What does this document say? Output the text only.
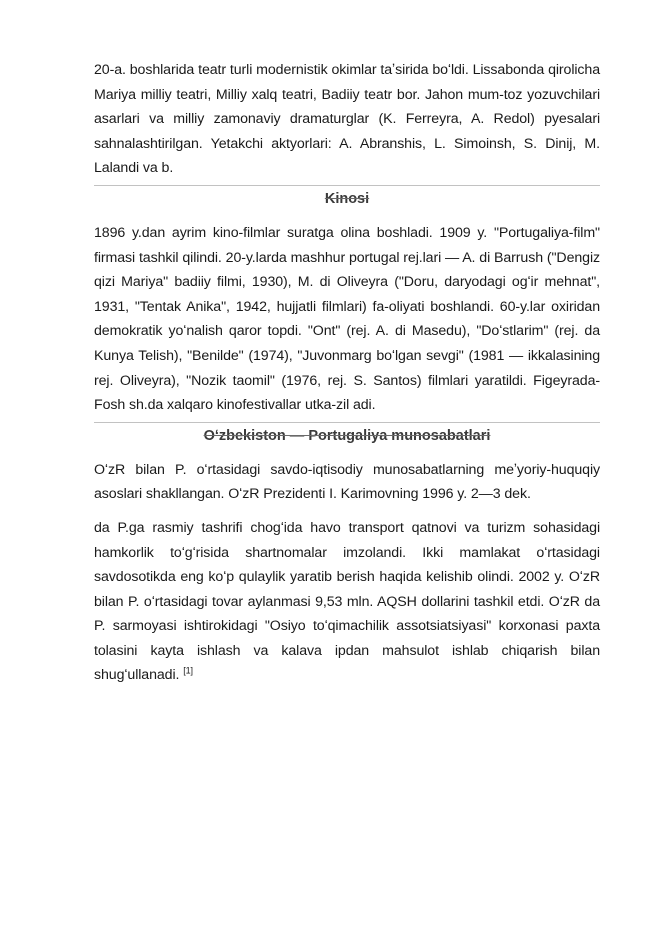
20-a. boshlarida teatr turli modernistik okimlar taʼsirida boʻldi. Lissabonda qirolicha Mariya milliy teatri, Milliy xalq teatri, Badiiy teatr bor. Jahon mum-toz yozuvchilari asarlari va milliy zamonaviy dramaturglar (K. Ferreyra, A. Redol) pyesalari sahnalashtirilgan. Yetakchi aktyorlari: A. Abranshis, L. Simoinsh, S. Dinij, M. Lalandi va b.

Kinosi

1896 y.dan ayrim kino-filmlar suratga olina boshladi. 1909 y. "Portugaliya-film" firmasi tashkil qilindi. 20-y.larda mashhur portugal rej.lari — A. di Barrush ("Dengiz qizi Mariya" badiiy filmi, 1930), M. di Oliveyra ("Doru, daryodagi ogʻir mehnat", 1931, "Tentak Anika", 1942, hujjatli filmlari) fa-oliyati boshlandi. 60-y.lar oxiridan demokratik yoʻnalish qaror topdi. "Ont" (rej. A. di Masedu), "Doʻstlarim" (rej. da Kunya Telish), "Benilde" (1974), "Juvonmarg boʻlgan sevgi" (1981 — ikkalasining rej. Oliveyra), "Nozik taomil" (1976, rej. S. Santos) filmlari yaratildi. Figeyrada-Fosh sh.da xalqaro kinofestivallar utka-zil adi.

Oʻzbekiston — Portugaliya munosabatlari

OʻzR bilan P. oʻrtasidagi savdo-iqtisodiy munosabatlarning meʼyoriy-huquqiy asoslari shakllangan. OʻzR Prezidenti I. Karimovning 1996 y. 2—3 dek.

da P.ga rasmiy tashrifi chogʻida havo transport qatnovi va turizm sohasidagi hamkorlik toʻgʻrisida shartnomalar imzolandi. Ikki mamlakat oʻrtasidagi savdosotikda eng koʻp qulaylik yaratib berish haqida kelishib olindi. 2002 y. OʻzR bilan P. oʻrtasidagi tovar aylanmasi 9,53 mln. AQSH dollarini tashkil etdi. OʻzR da P. sarmoyasi ishtirokidagi "Osiyo toʻqimachilik assotsiatsiyasi" korxonasi paxta tolasini kayta ishlash va kalava ipdan mahsulot ishlab chiqarish bilan shugʻullanadi. [1]
